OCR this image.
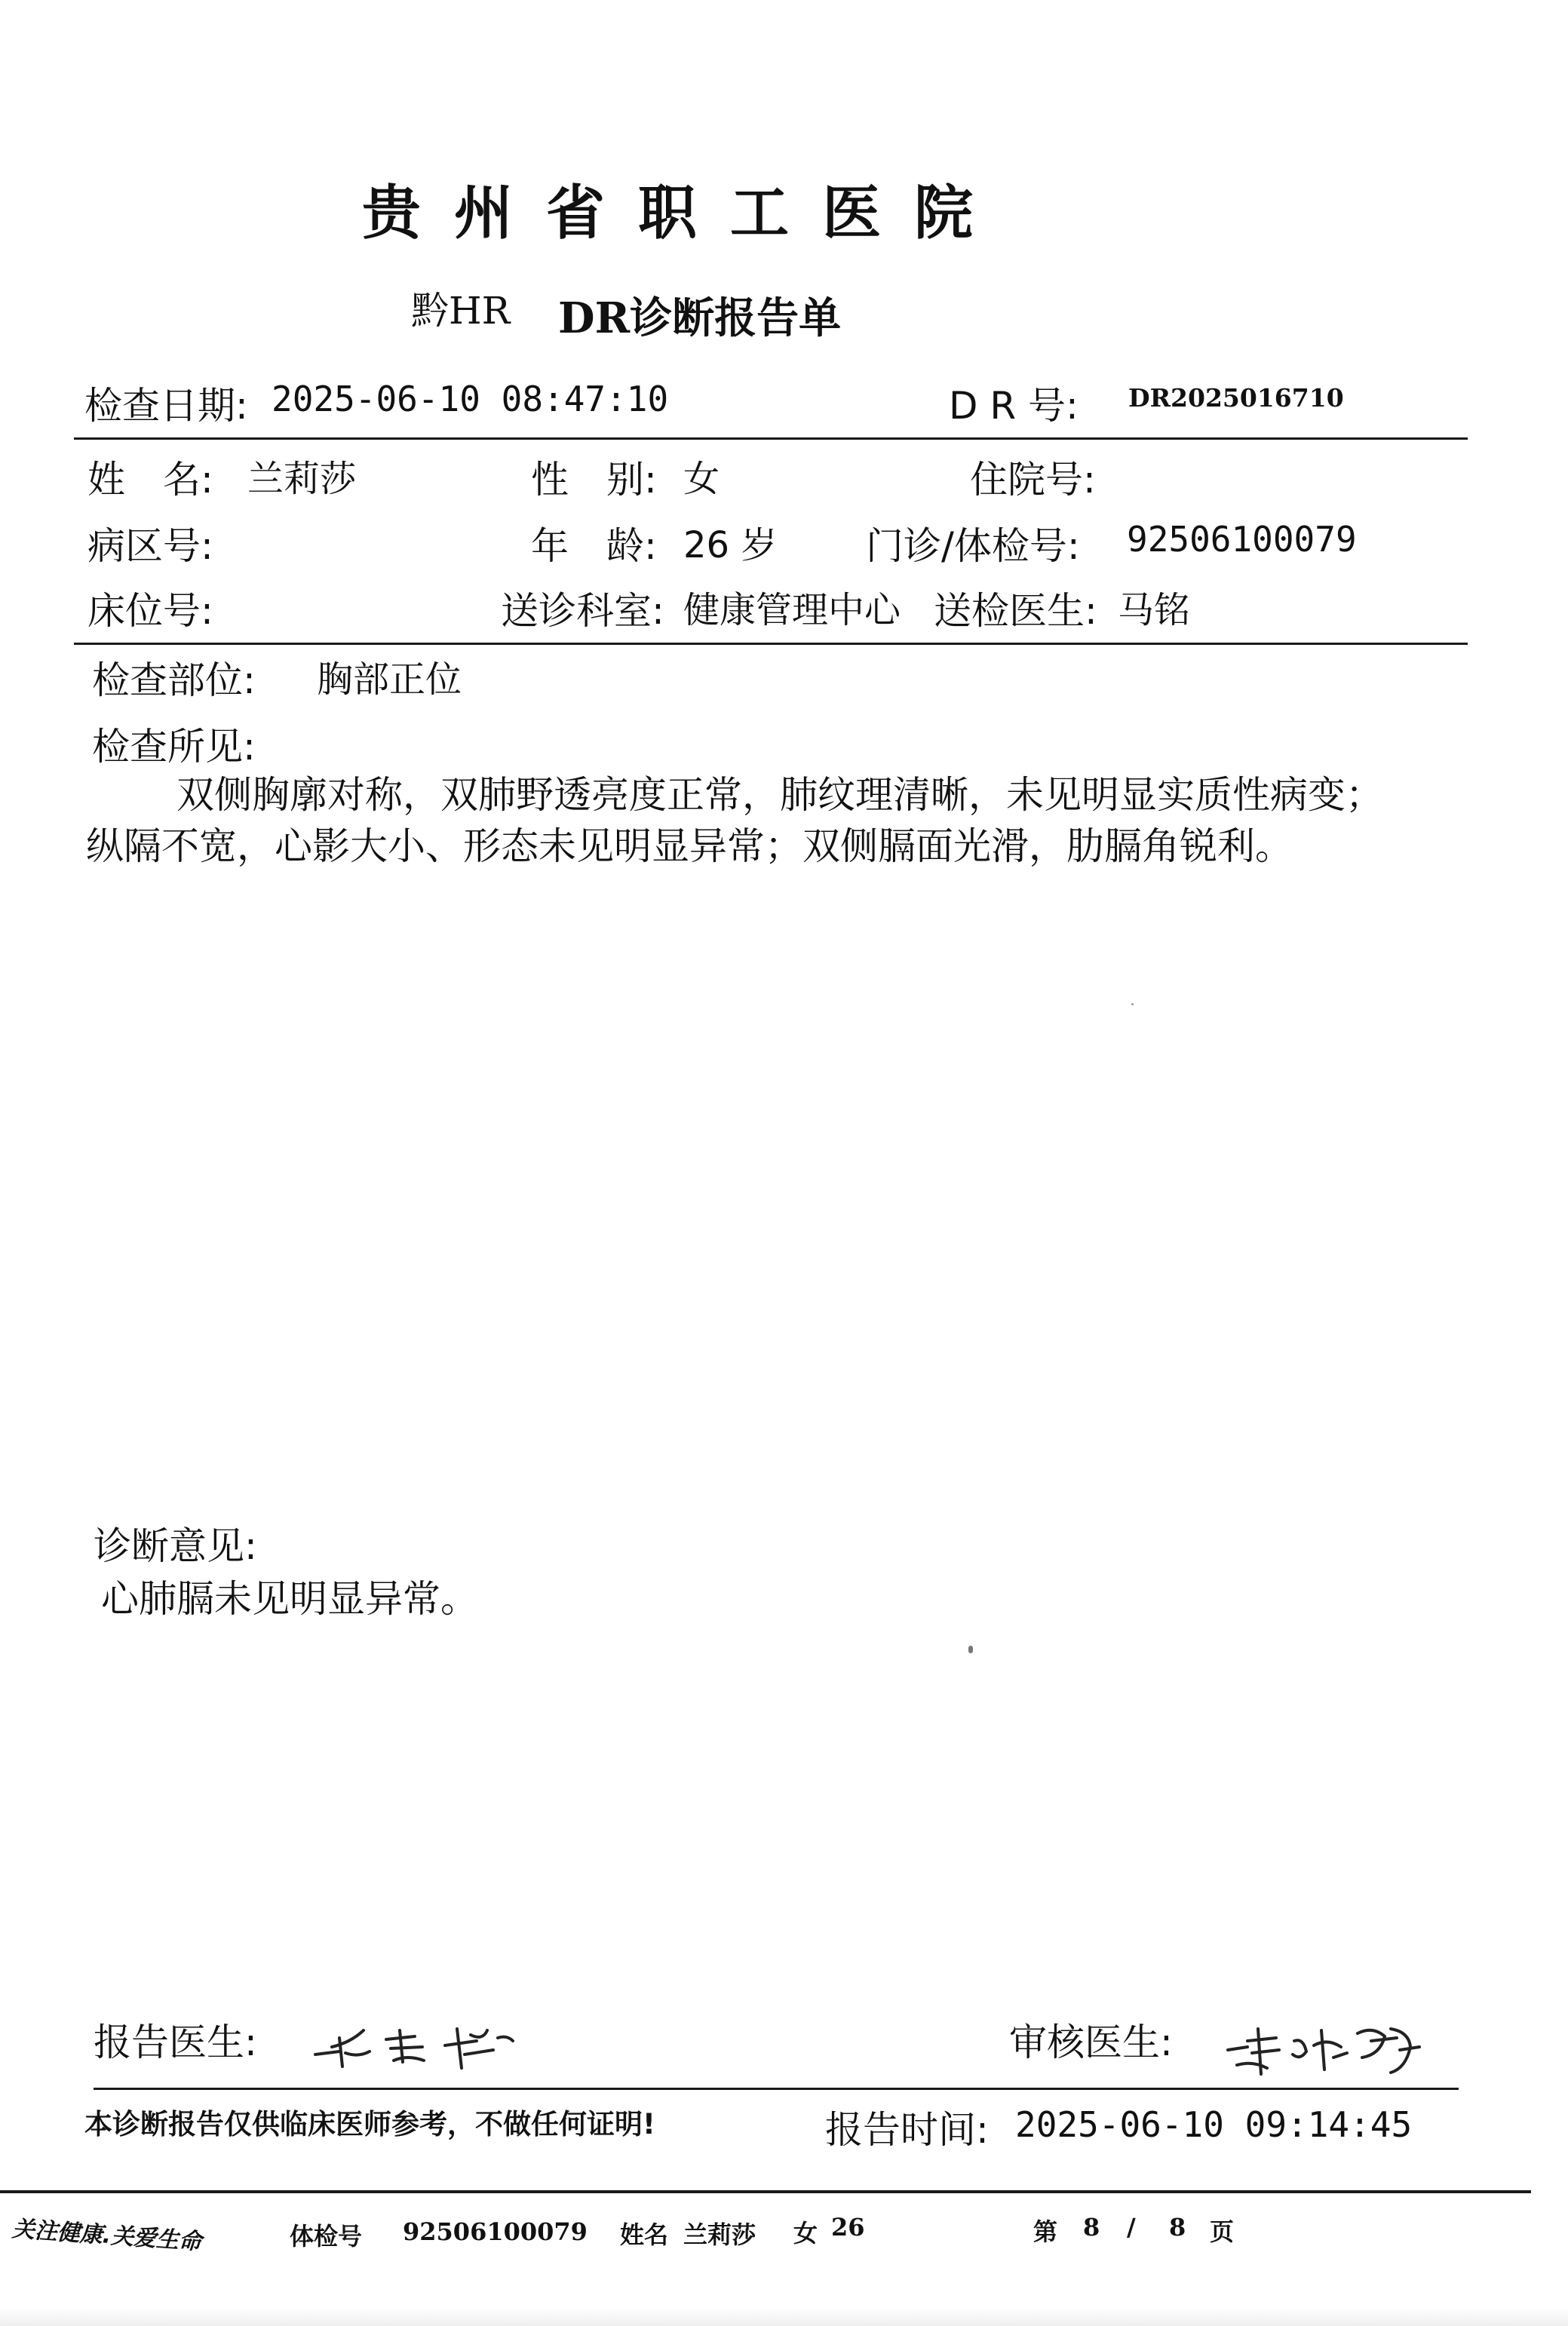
贵州省职工医院
黔HR DR诊断报告单
检查日期: 2025-06-10 08:47:10	D R 号: DR2025016710
姓　名: 兰莉莎	性　别: 女	住院号:
病区号:	年　龄: 26 岁 门诊/体检号: 92506100079
床位号:	送诊科室: 健康管理中心 送检医生: 马铭
检查部位: 胸部正位
检查所见:
双侧胸廓对称，双肺野透亮度正常，肺纹理清晰，未见明显实质性病变；纵隔不宽，心影大小、形态未见明显异常；双侧膈面光滑，肋膈角锐利。
诊断意见:
心肺膈未见明显异常。
报告医生:	审核医生:
本诊断报告仅供临床医师参考，不做任何证明!	报告时间: 2025-06-10 09:14:45
关注健康.关爱生命	体检号 92506100079 姓名 兰莉莎 女 26	第 8 / 8 页
